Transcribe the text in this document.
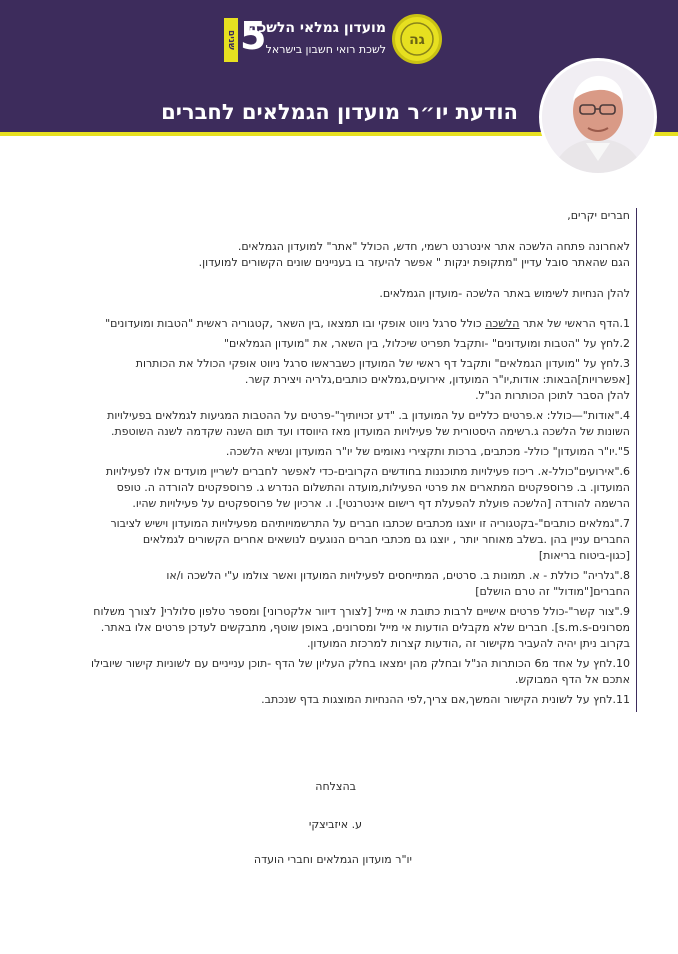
גה
מועדון גמלאי הלשכה
לשכת רואי חשבון בישראל
5
שנים
הודעת יו״ר מועדון הגמלאים לחברים

חברים יקרים,

לאחרונה פתחה הלשכה אתר אינטרנט רשמי, חדש, הכולל "אתר" למועדון הגמלאים.

הגם שהאתר סובל עדיין "מתקופת ינקות " אפשר להיעזר בו בעניינים שונים הקשורים למועדון.

להלן הנחיות לשימוש באתר הלשכה -מועדון הגמלאים.

1.הדף הראשי של אתר הלשכה כולל סרגל ניווט אופקי ובו תמצאו ,בין השאר ,קטגוריה ראשית "הטבות ומועדונים"

2.לחץ על "הטבות ומועדונים" -ותקבל תפריט שיכלול, בין השאר, את "מועדון הגמלאים"

3.לחץ על "מועדון הגמלאים" ותקבל דף ראשי של המועדון כשבראשו סרגל ניווט אופקי הכולל את הכותרות

[אפשרויות]הבאות: אודות,יו"ר המועדון, אירועים,גמלאים כותבים,גלריה ויצירת קשר.

להלן הסבר לתוכן הכותרות הנ"ל.

4."אודות"—כולל: א.פרטים כלליים על המועדון ב. "דע זכויותיך"-פרטים על ההטבות המגיעות לגמלאים בפעילויות

השונות של הלשכה ג.רשימה היסטורית של פעילויות המועדון מאז היווסדו ועד תום השנה שקדמה לשנה השוטפת.

5".יו"ר המועדון" כולל- מכתבים, ברכות ותקצירי נאומים של יו"ר המועדון ונשיא הלשכה.

6."אירועים"כולל-א. ריכוז פעילויות מתוכננות בחודשים הקרובים-כדי לאפשר לחברים לשריין מועדים אלו לפעילויות

המועדון. ב. פרוספקטים המתארים את פרטי הפעילות,מועדה והתשלום הנדרש ג. פרוספקטים להורדה ה. טופס

הרשמה להורדה [הלשכה פועלת להפעלת דף רישום אינטרנטי]. ו. ארכיון של פרוספקטים על פעילויות שהיו.

7."גמלאים כותבים"-בקטגוריה זו יוצגו מכתבים שכתבו חברים על התרשמויותיהם מפעילויות המועדון וישיש לציבור

החברים עניין בהן .בשלב מאוחר יותר , יוצגו גם מכתבי חברים הנוגעים לנושאים אחרים הקשורים לגמלאים

[כגון-ביטוח בריאות]

8."גלריה" כוללת - א. תמונות ב. סרטים, המתייחסים לפעילויות המועדון ואשר צולמו ע"י הלשכה ו/או

החברים["מודול" זה טרם הושלם]

9."צור קשר"-כולל פרטים אישיים לרבות כתובת אי מייל [לצורך דיוור אלקטרוני] ומספר טלפון סלולרי[ לצורך משלוח

מסרונים-s.m.s]. חברים שלא מקבלים הודעות אי מייל ומסרונים, באופן שוטף, מתבקשים לעדכן פרטים אלו באתר.

בקרוב ניתן יהיה להעביר מקישור זה ,הודעות קצרות למרכזת המועדון.

10.לחץ על אחד מ6 הכותרות הנ"ל ובחלק מהן ימצאו בחלק העליון של הדף -תוכן ענייניים עם לשוניות קישור שיובילו

אתכם אל הדף המבוקש.

11.לחץ על לשונית הקישור והמשך,אם צריך,לפי ההנחיות המוצגות בדף שנכתב.

בהצלחה
ע. איזביצקי
יו"ר מועדון הגמלאים וחברי הועדה
